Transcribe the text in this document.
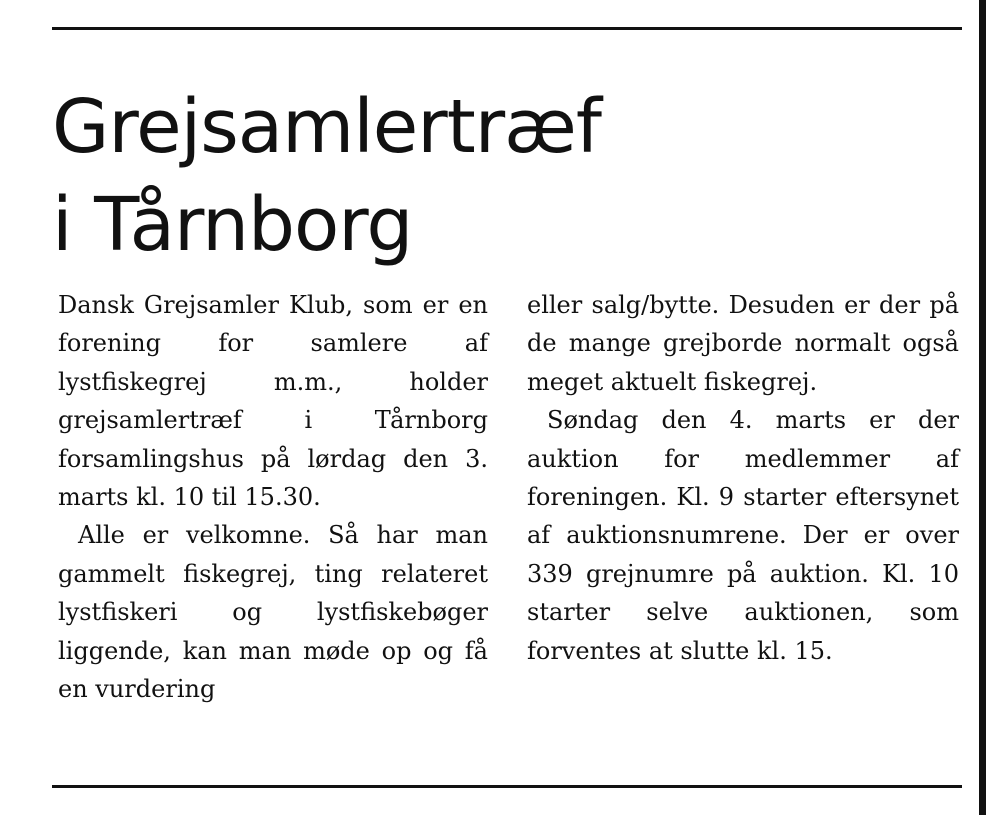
Grejsamlertræf
i Tårnborg

Dansk Grejsamler Klub, som er en forening for samlere af lystfiskegrej m.m., holder grejsamlertræf i Tårnborg forsamlingshus på lørdag den 3. marts kl. 10 til 15.30.

Alle er velkomne. Så har man gammelt fiskegrej, ting relateret lystfiskeri og lystfiskebøger liggende, kan man møde op og få en vurdering

eller salg/bytte. Desuden er der på de mange grejborde normalt også meget aktuelt fiskegrej.

Søndag den 4. marts er der auktion for medlemmer af foreningen. Kl. 9 starter eftersynet af auktionsnumrene. Der er over 339 grejnumre på auktion. Kl. 10 starter selve auktionen, som forventes at slutte kl. 15.
